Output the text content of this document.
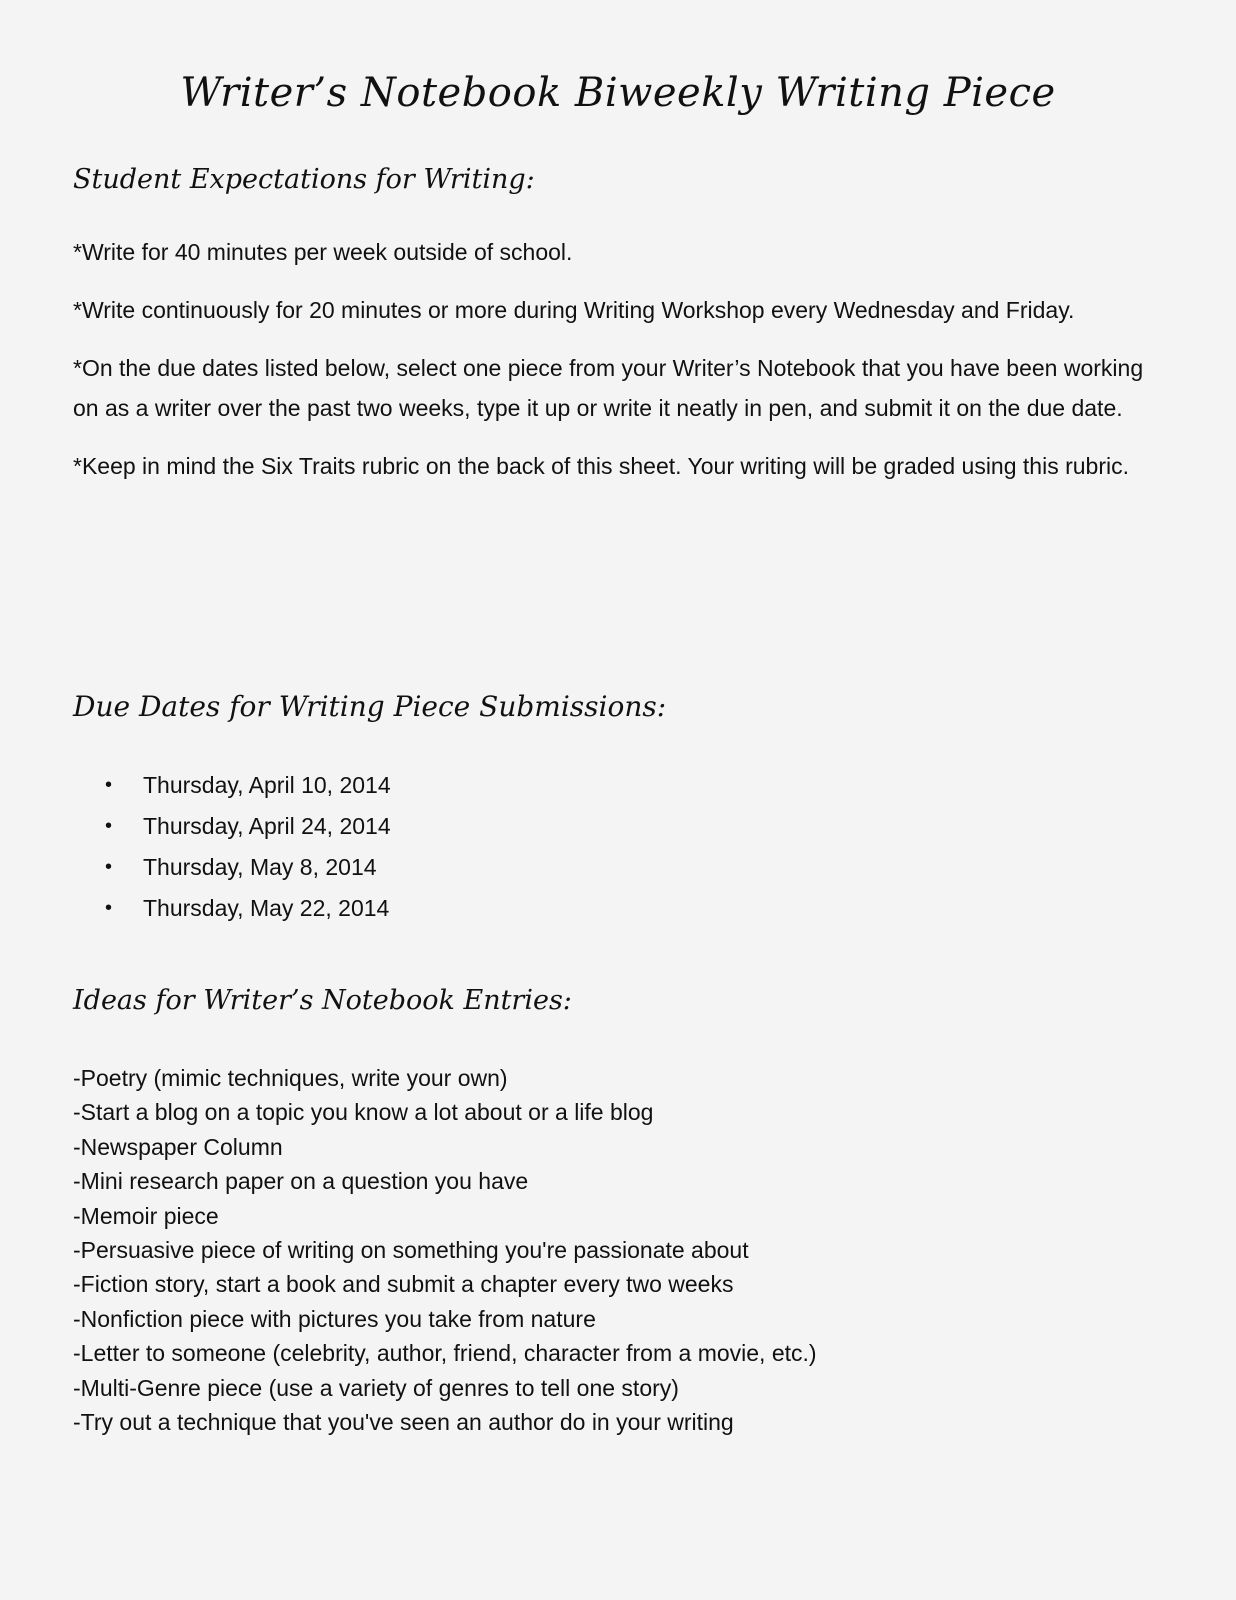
Writer’s Notebook Biweekly Writing Piece
Student Expectations for Writing:

*Write for 40 minutes per week outside of school.

*Write continuously for 20 minutes or more during Writing Workshop every Wednesday and Friday.

*On the due dates listed below, select one piece from your Writer’s Notebook that you have been working on as a writer over the past two weeks, type it up or write it neatly in pen, and submit it on the due date.

*Keep in mind the Six Traits rubric on the back of this sheet. Your writing will be graded using this rubric.

Due Dates for Writing Piece Submissions:
•	Thursday, April 10, 2014
•	Thursday, April 24, 2014
•	Thursday, May 8, 2014
•	Thursday, May 22, 2014
Ideas for Writer’s Notebook Entries:
-Poetry (mimic techniques, write your own)
-Start a blog on a topic you know a lot about or a life blog
-Newspaper Column
-Mini research paper on a question you have
-Memoir piece
-Persuasive piece of writing on something you're passionate about
-Fiction story, start a book and submit a chapter every two weeks
-Nonfiction piece with pictures you take from nature
-Letter to someone (celebrity, author, friend, character from a movie, etc.)
-Multi-Genre piece (use a variety of genres to tell one story)
-Try out a technique that you've seen an author do in your writing
